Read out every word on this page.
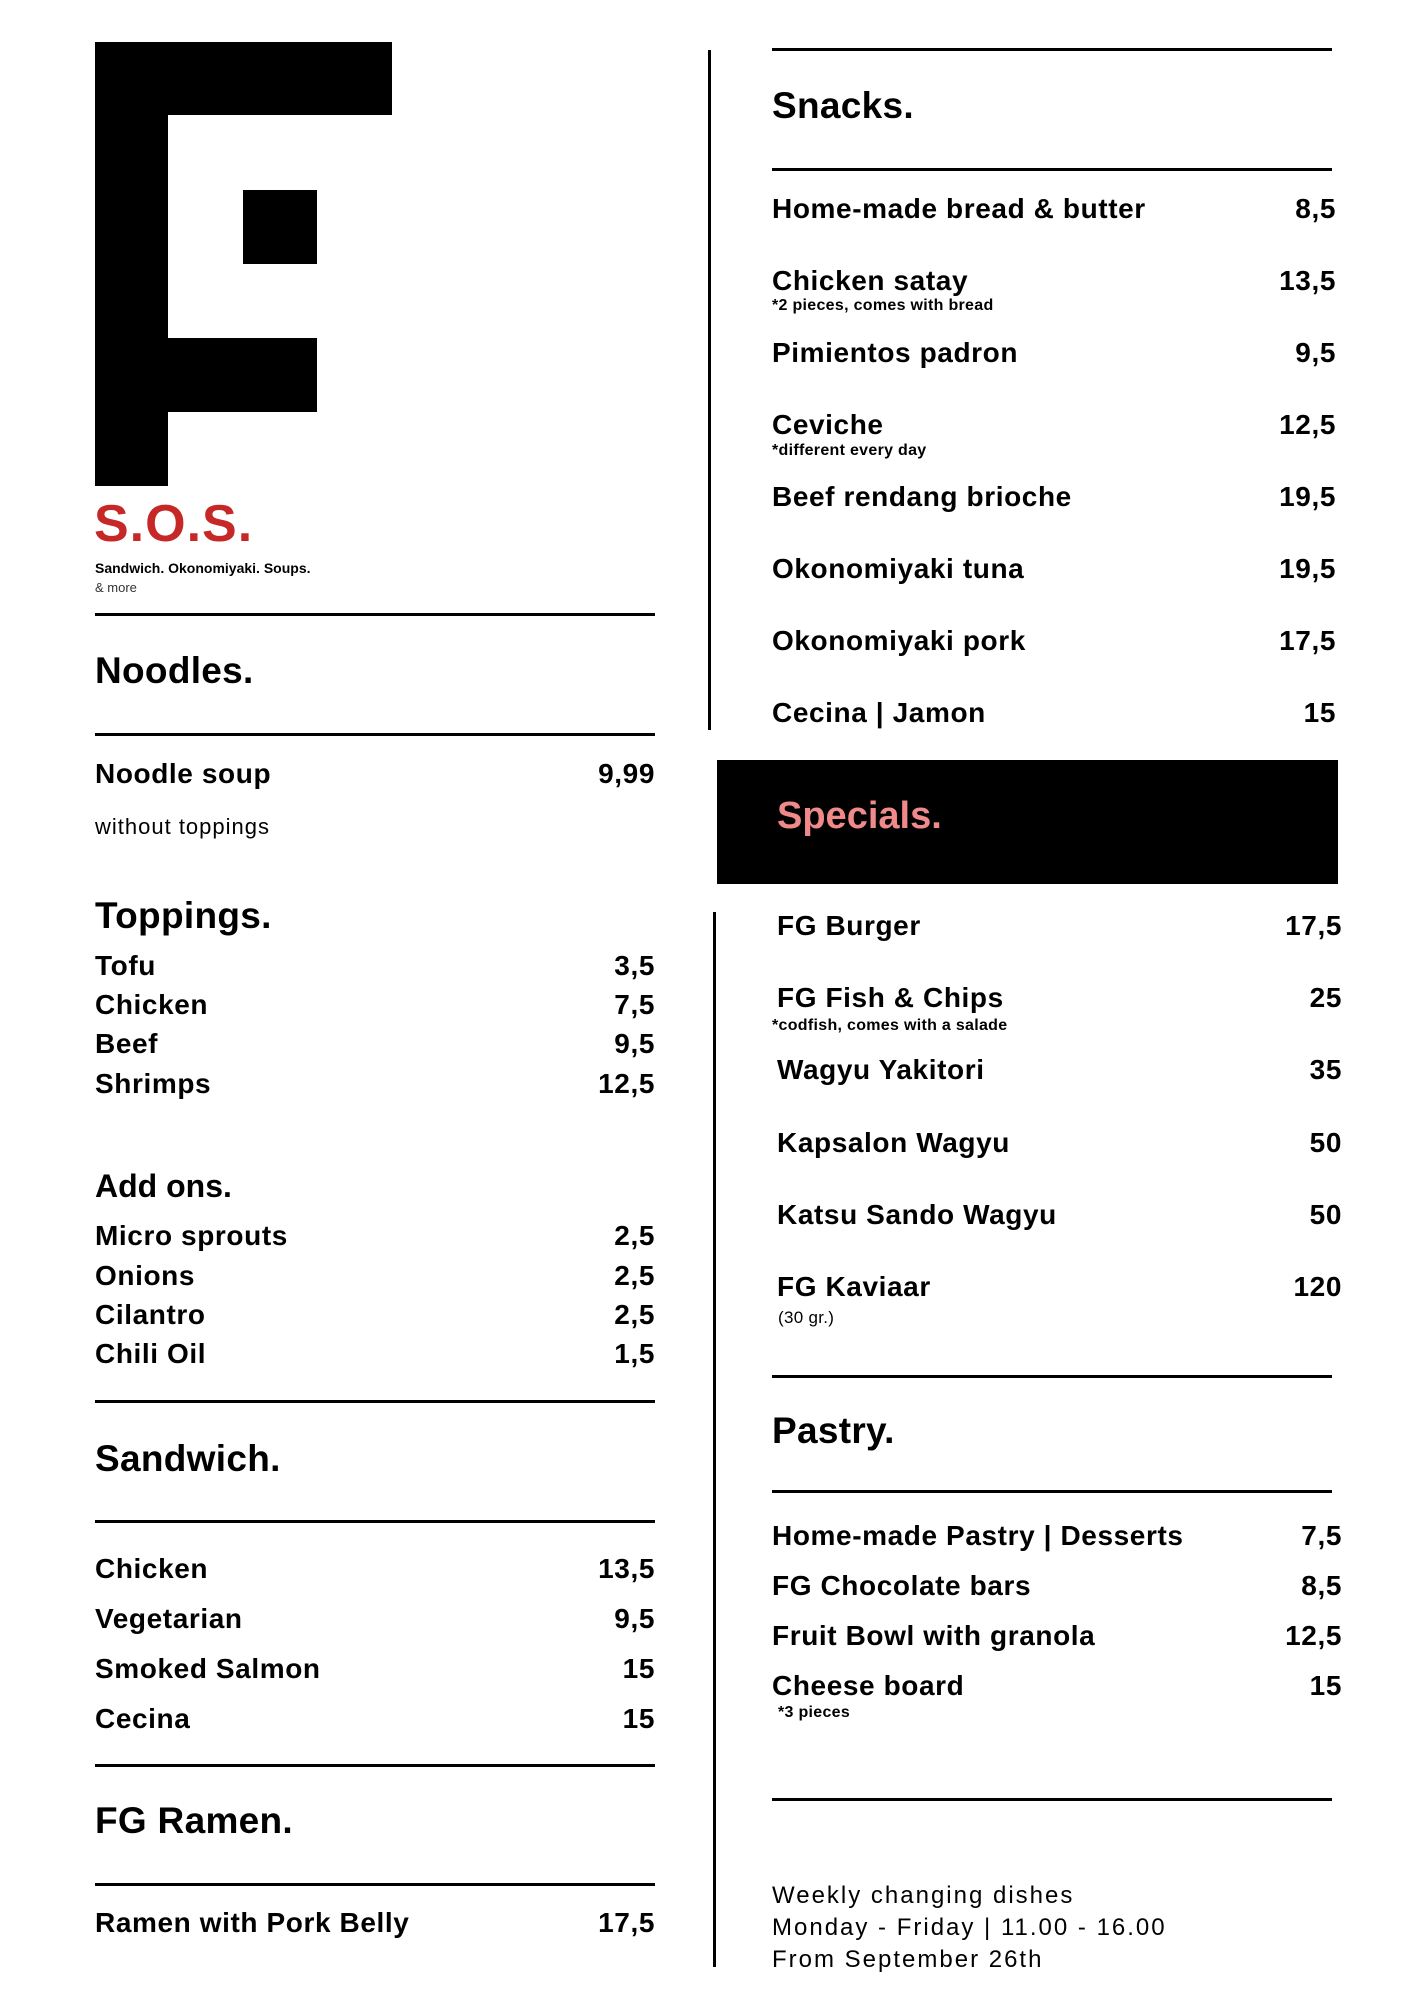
S.O.S.
Sandwich. Okonomiyaki. Soups.
& more
Noodles.
Noodle soup	9,99
without toppings
Toppings.
Tofu	3,5
Chicken	7,5
Beef	9,5
Shrimps	12,5
Add ons.
Micro sprouts	2,5
Onions	2,5
Cilantro	2,5
Chili Oil	1,5
Sandwich.
Chicken	13,5
Vegetarian	9,5
Smoked Salmon	15
Cecina	15
FG Ramen.
Ramen with Pork Belly	17,5
Snacks.
Home-made bread & butter	8,5
Chicken satay	13,5
*2 pieces, comes with bread
Pimientos padron	9,5
Ceviche	12,5
*different every day
Beef rendang brioche	19,5
Okonomiyaki tuna	19,5
Okonomiyaki pork	17,5
Cecina | Jamon	15
Specials.
FG Burger	17,5
FG Fish & Chips	25
*codfish, comes with a salade
Wagyu Yakitori	35
Kapsalon Wagyu	50
Katsu Sando Wagyu	50
FG Kaviaar	120
(30 gr.)
Pastry.
Home-made Pastry | Desserts	7,5
FG Chocolate bars	8,5
Fruit Bowl with granola	12,5
Cheese board	15
*3 pieces
Weekly changing dishes
Monday - Friday | 11.00 - 16.00
From September 26th
